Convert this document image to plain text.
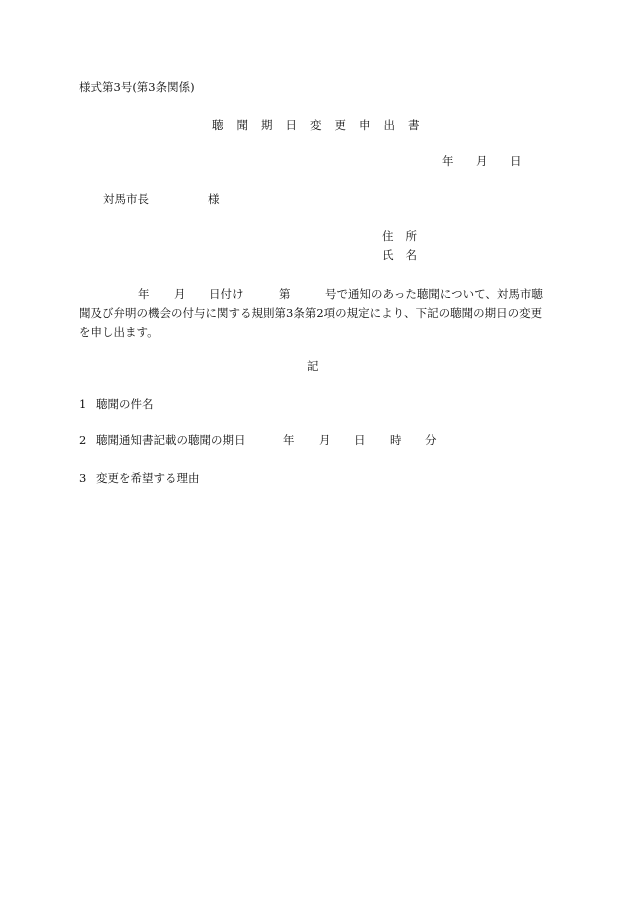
様式第3号(第3条関係)
聴聞期日変更申出書
年 月 日
対馬市長	様
住所
氏名
年 月 日付け	第	号で通知のあった聴聞について、対馬市聴
聞及び弁明の機会の付与に関する規則第3条第2項の規定により、下記の聴聞の期日の変更
を申し出ます。
記
1 聴聞の件名
2 聴聞通知書記載の聴聞の期日	年 月 日 時 分
3 変更を希望する理由
